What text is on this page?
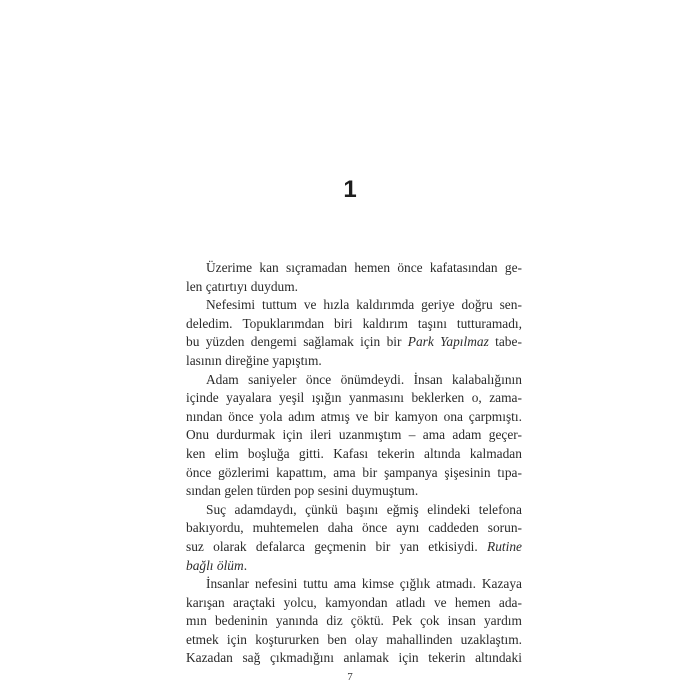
1
Üzerime kan sıçramadan hemen önce kafatasından ge-
len çatırtıyı duydum.
Nefesimi tuttum ve hızla kaldırımda geriye doğru sen-
deledim. Topuklarımdan biri kaldırım taşını tutturamadı,
bu yüzden dengemi sağlamak için bir Park Yapılmaz tabe-
lasının direğine yapıştım.
Adam saniyeler önce önümdeydi. İnsan kalabalığının
içinde yayalara yeşil ışığın yanmasını beklerken o, zama-
nından önce yola adım atmış ve bir kamyon ona çarpmıştı.
Onu durdurmak için ileri uzanmıştım – ama adam geçer-
ken elim boşluğa gitti. Kafası tekerin altında kalmadan
önce gözlerimi kapattım, ama bir şampanya şişesinin tıpa-
sından gelen türden pop sesini duymuştum.
Suç adamdaydı, çünkü başını eğmiş elindeki telefona
bakıyordu, muhtemelen daha önce aynı caddeden sorun-
suz olarak defalarca geçmenin bir yan etkisiydi. Rutine
bağlı ölüm.
İnsanlar nefesini tuttu ama kimse çığlık atmadı. Kazaya
karışan araçtaki yolcu, kamyondan atladı ve hemen ada-
mın bedeninin yanında diz çöktü. Pek çok insan yardım
etmek için koştururken ben olay mahallinden uzaklaştım.
Kazadan sağ çıkmadığını anlamak için tekerin altındaki
7
